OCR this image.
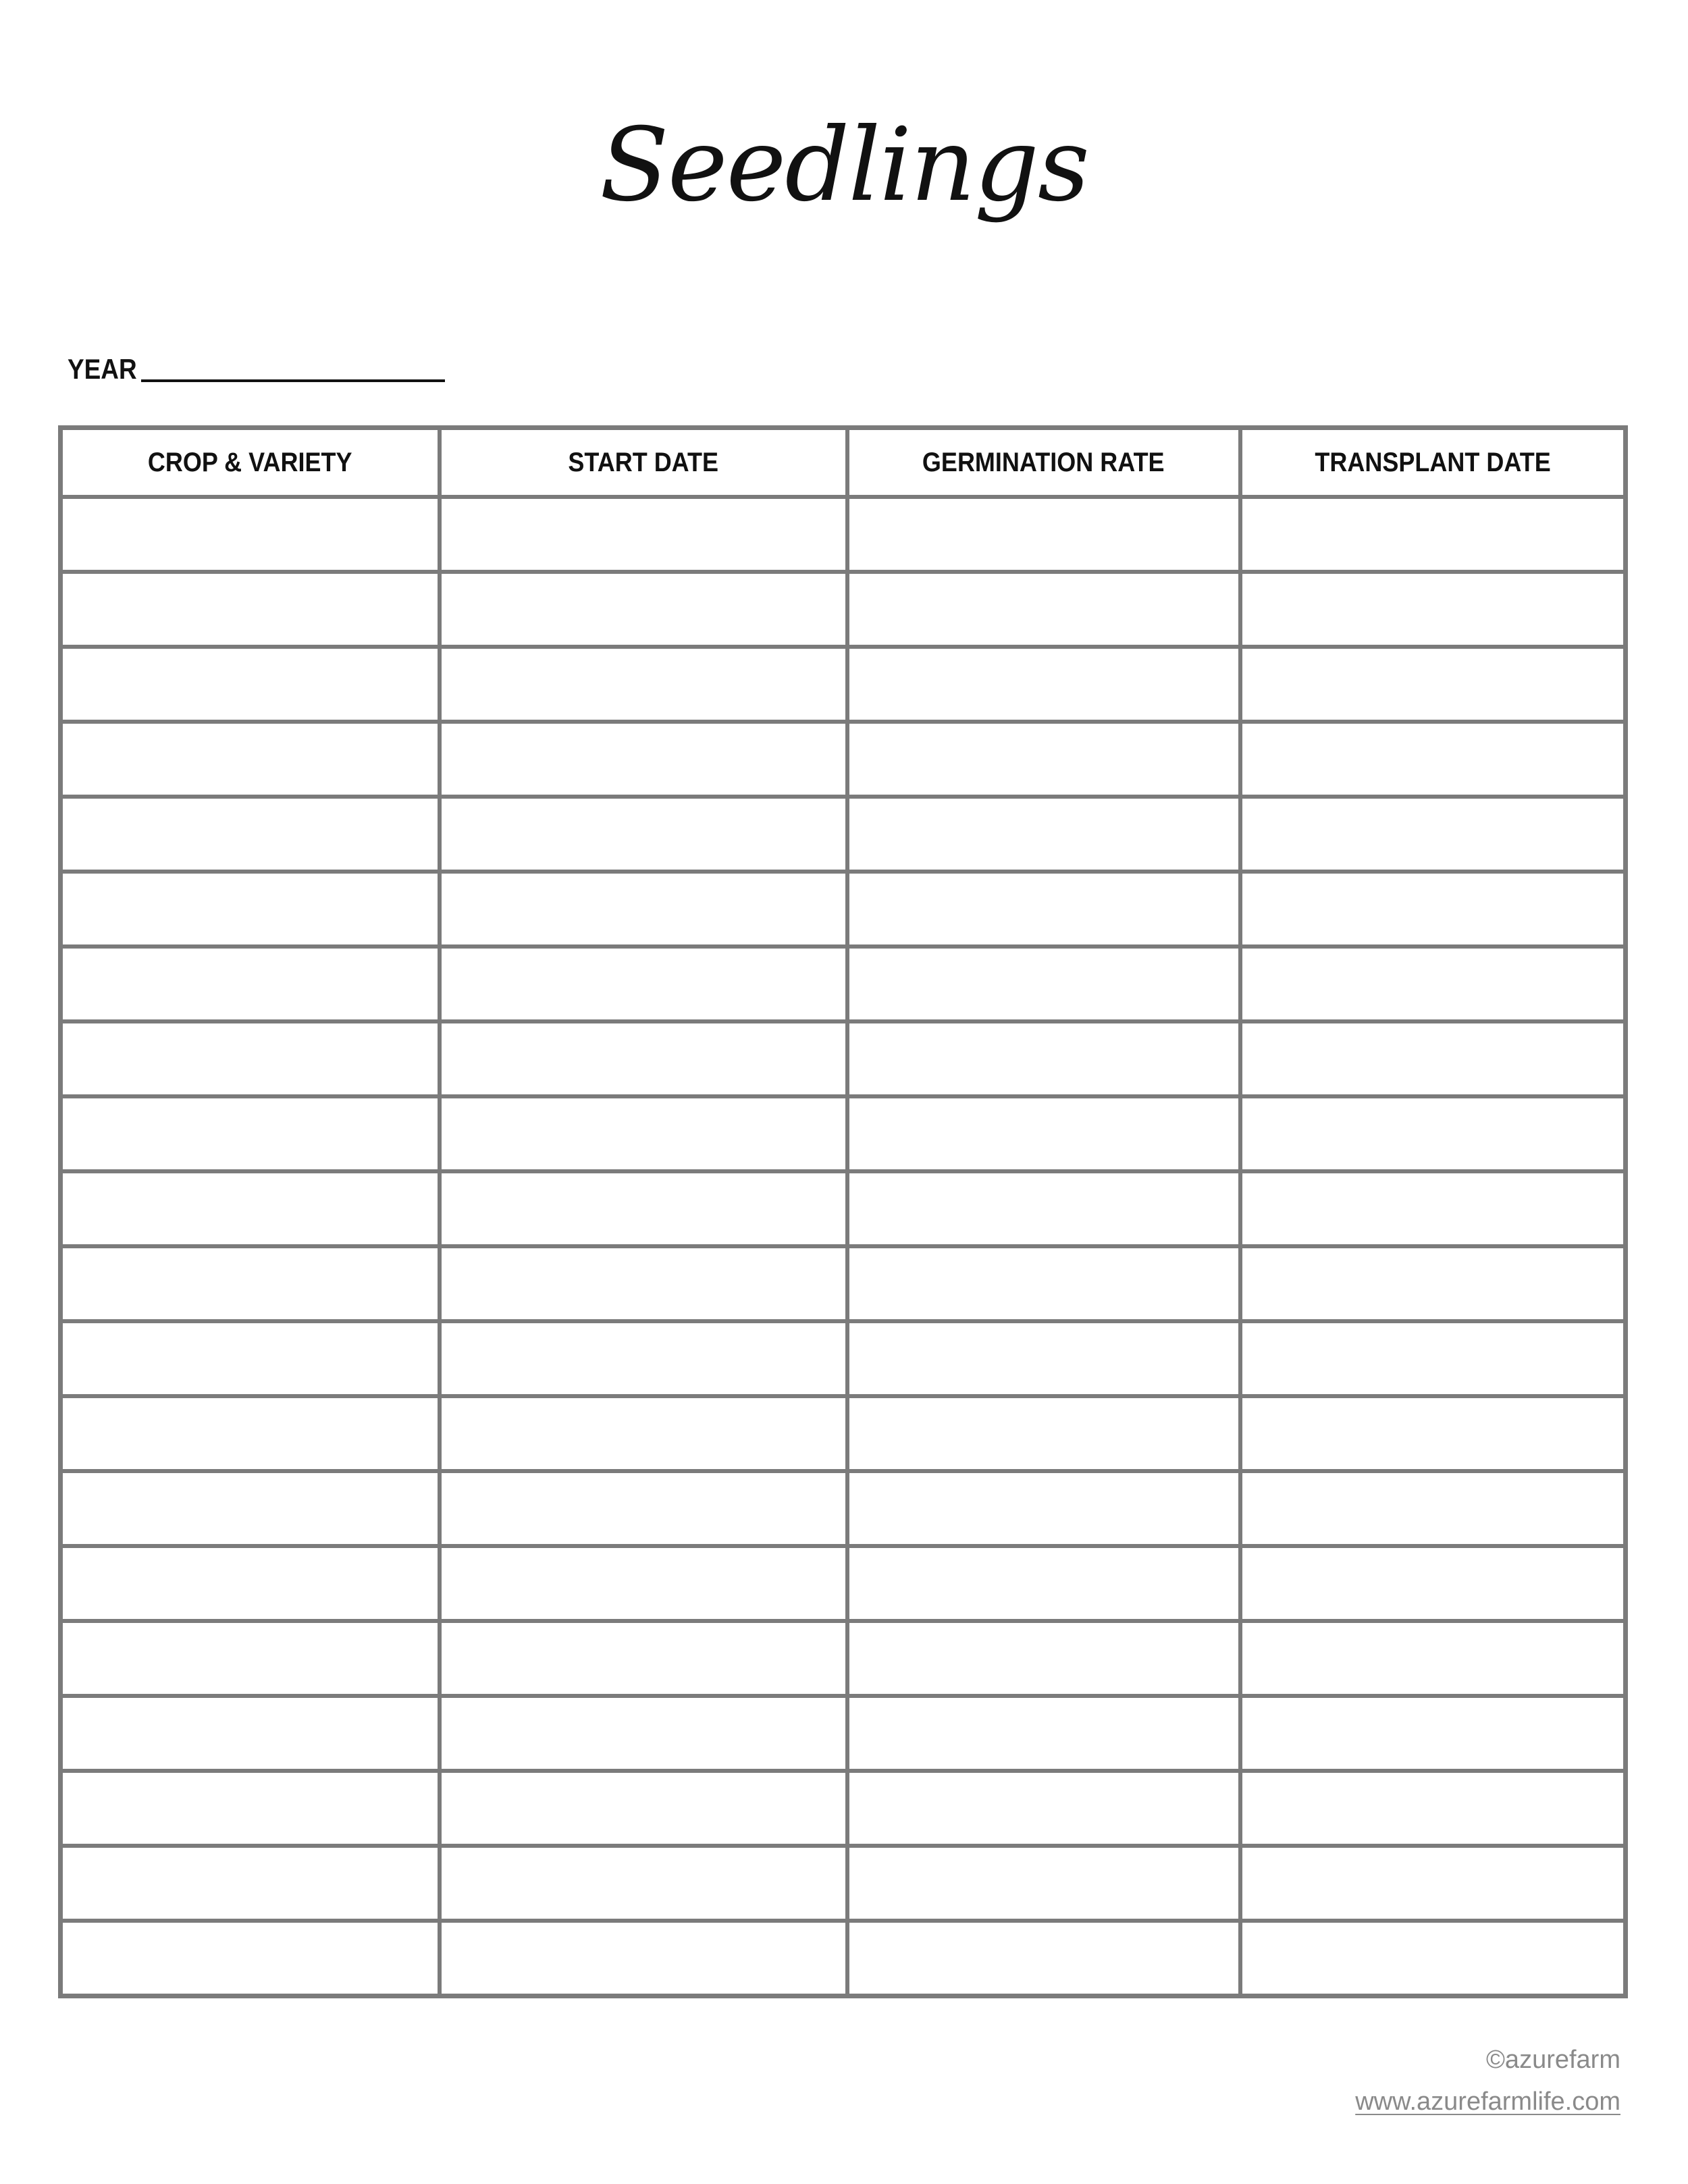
Seedlings
YEAR
CROP & VARIETY	START DATE	GERMINATION RATE	TRANSPLANT DATE

©azurefarm
www.azurefarmlife.com
